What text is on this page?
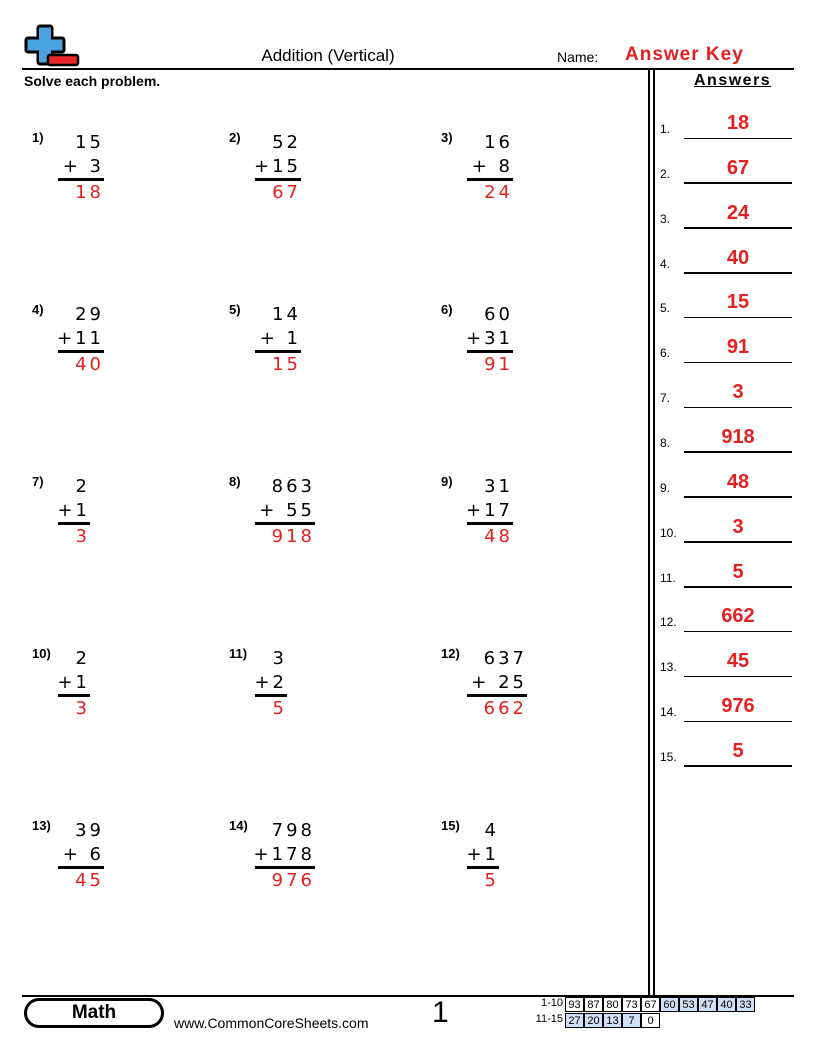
Addition (Vertical)	Name: Answer Key
Solve each problem.	Answers
1) 15
+ 3
18
2) 52
+15
67
3) 16
+ 8
24
4) 29
+11
40
5) 14
+ 1
15
6) 60
+31
91
7) 2
+1
3
8) 863
+ 55
918
9) 31
+17
48
10) 2
+1
3
11) 3
+2
5
12) 637
+ 25
662
13) 39
+ 6
45
14) 798
+178
976
15) 4
+1
5
1.	18
2.	67
3.	24
4.	40
5.	15
6.	91
7.	3
8.	918
9.	48
10.	3
11.	5
12.	662
13.	45
14.	976
15.	5
Math	www.CommonCoreSheets.com 1	1-10 93 87 80 73 67 60 53 47 40 33
11-15 27 20 13 7	0
